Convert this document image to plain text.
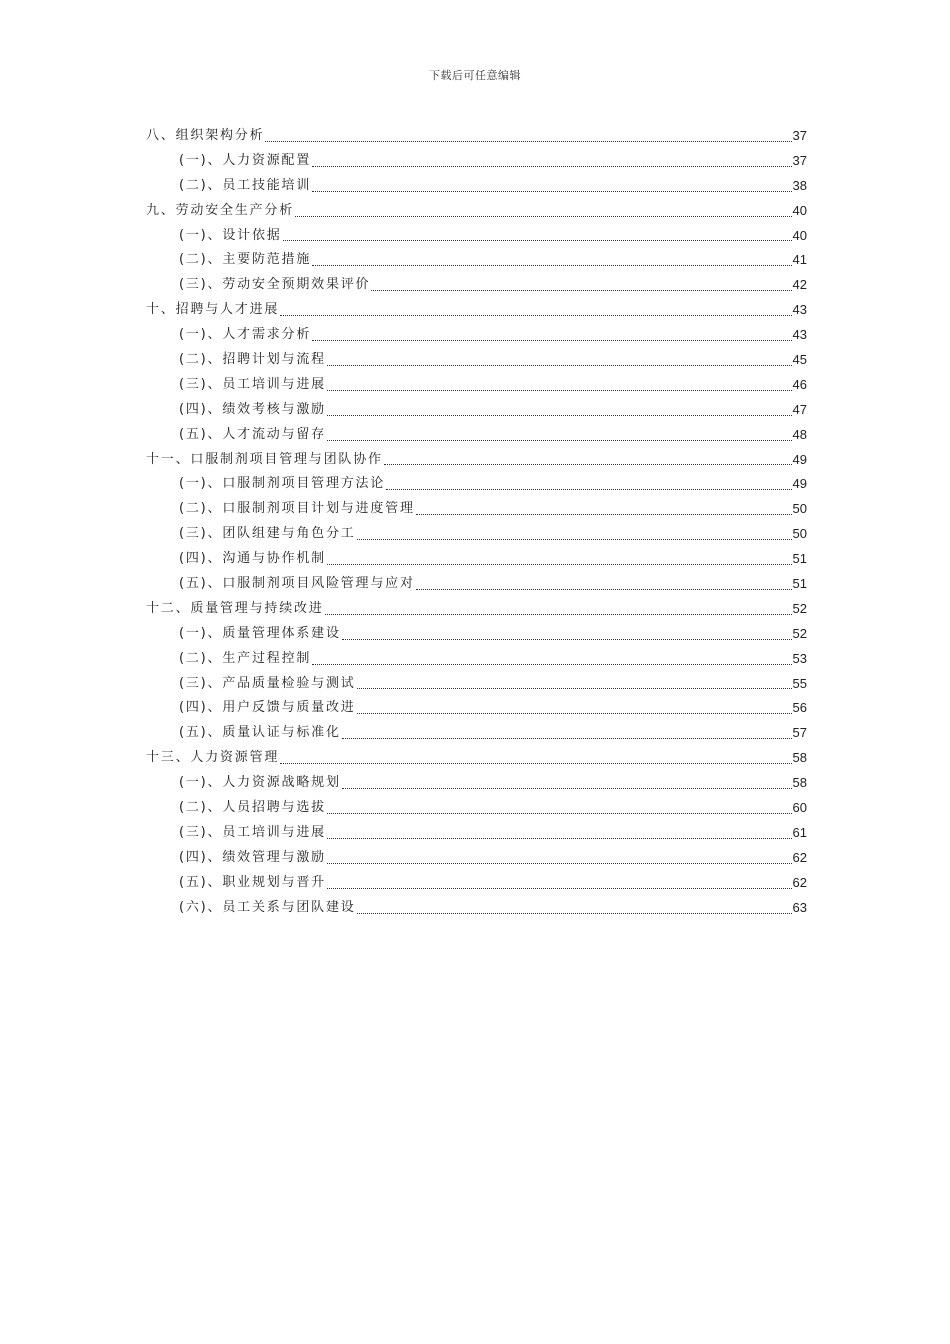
下载后可任意编辑
八、组织架构分析	37
(一)、人力资源配置	37
(二)、员工技能培训	38
九、劳动安全生产分析	40
(一)、设计依据	40
(二)、主要防范措施	41
(三)、劳动安全预期效果评价	42
十、招聘与人才进展	43
(一)、人才需求分析	43
(二)、招聘计划与流程	45
(三)、员工培训与进展	46
(四)、绩效考核与激励	47
(五)、人才流动与留存	48
十一、口服制剂项目管理与团队协作	49
(一)、口服制剂项目管理方法论	49
(二)、口服制剂项目计划与进度管理	50
(三)、团队组建与角色分工	50
(四)、沟通与协作机制	51
(五)、口服制剂项目风险管理与应对	51
十二、质量管理与持续改进	52
(一)、质量管理体系建设	52
(二)、生产过程控制	53
(三)、产品质量检验与测试	55
(四)、用户反馈与质量改进	56
(五)、质量认证与标准化	57
十三、人力资源管理	58
(一)、人力资源战略规划	58
(二)、人员招聘与选拔	60
(三)、员工培训与进展	61
(四)、绩效管理与激励	62
(五)、职业规划与晋升	62
(六)、员工关系与团队建设	63
